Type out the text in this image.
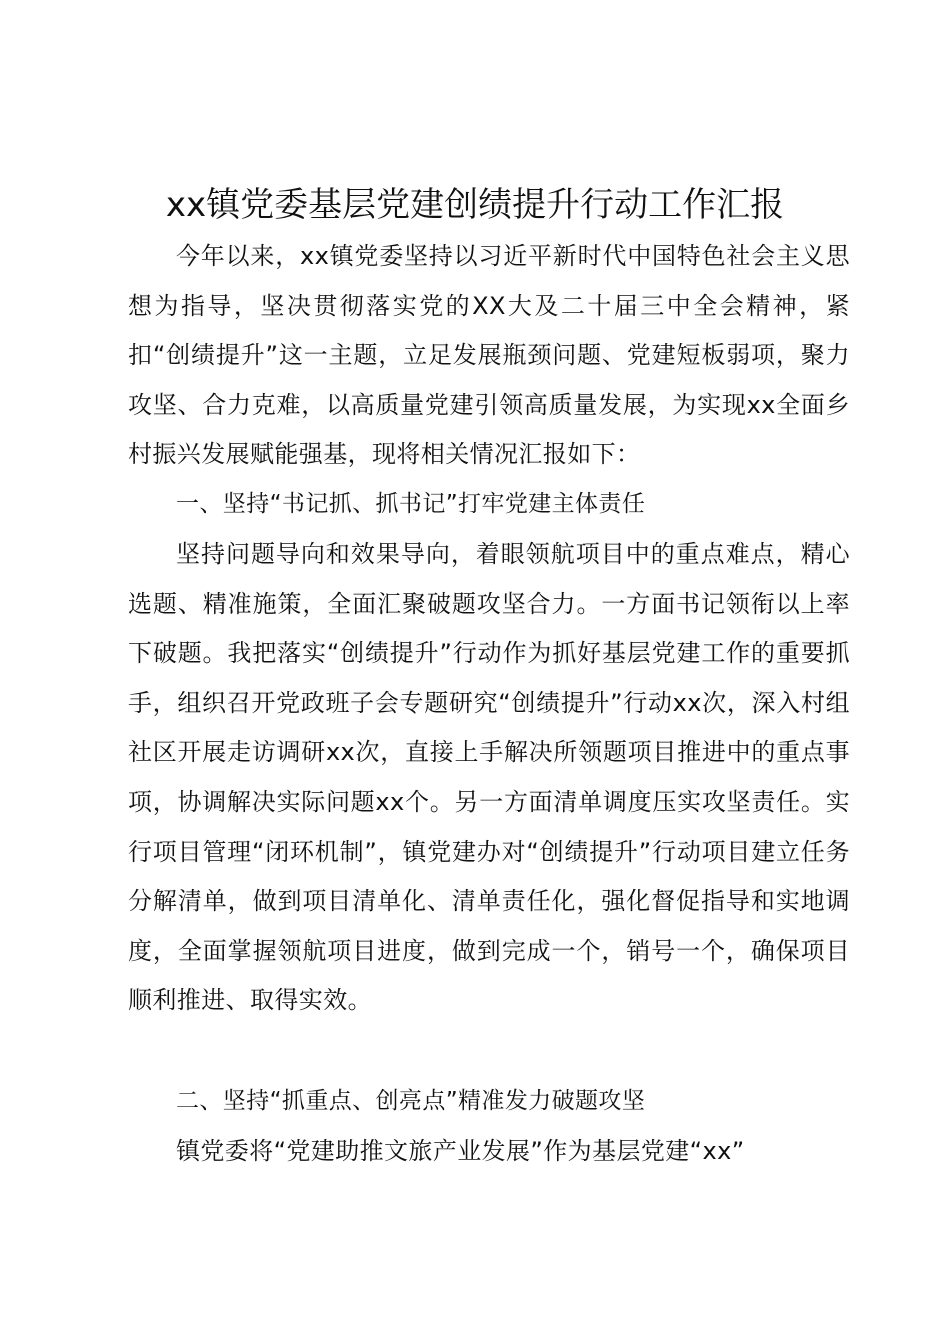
xx镇党委基层党建创绩提升行动工作汇报

今年以来，xx镇党委坚持以习近平新时代中国特色社会主义思想为指导，坚决贯彻落实党的XX大及二十届三中全会精神，紧扣“创绩提升”这一主题，立足发展瓶颈问题、党建短板弱项，聚力攻坚、合力克难，以高质量党建引领高质量发展，为实现xx全面乡村振兴发展赋能强基，现将相关情况汇报如下：

一、坚持“书记抓、抓书记”打牢党建主体责任

坚持问题导向和效果导向，着眼领航项目中的重点难点，精心选题、精准施策，全面汇聚破题攻坚合力。一方面书记领衔以上率下破题。我把落实“创绩提升”行动作为抓好基层党建工作的重要抓手，组织召开党政班子会专题研究“创绩提升”行动xx次，深入村组社区开展走访调研xx次，直接上手解决所领题项目推进中的重点事项，协调解决实际问题xx个。另一方面清单调度压实攻坚责任。实行项目管理“闭环机制”，镇党建办对“创绩提升”行动项目建立任务分解清单，做到项目清单化、清单责任化，强化督促指导和实地调度，全面掌握领航项目进度，做到完成一个，销号一个，确保项目顺利推进、取得实效。

二、坚持“抓重点、创亮点”精准发力破题攻坚

镇党委将“党建助推文旅产业发展”作为基层党建“xx”
